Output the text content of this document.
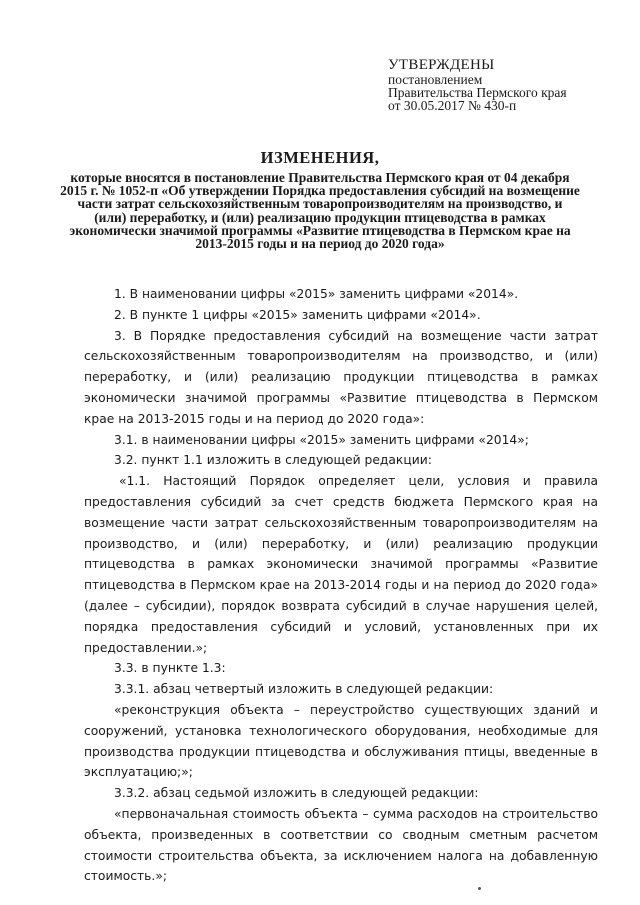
УТВЕРЖДЕНЫ
постановлением
Правительства Пермского края
от 30.05.2017 № 430-п
ИЗМЕНЕНИЯ,
которые вносятся в постановление Правительства Пермского края от 04 декабря 2015 г. № 1052-п «Об утверждении Порядка предоставления субсидий на возмещение части затрат сельскохозяйственным товаропроизводителям на производство, и (или) переработку, и (или) реализацию продукции птицеводства в рамках экономически значимой программы «Развитие птицеводства в Пермском крае на 2013-2015 годы и на период до 2020 года»

1. В наименовании цифры «2015» заменить цифрами «2014».

2. В пункте 1 цифры «2015» заменить цифрами «2014».

3. В Порядке предоставления субсидий на возмещение части затрат сельскохозяйственным товаропроизводителям на производство, и (или) переработку, и (или) реализацию продукции птицеводства в рамках экономически значимой программы «Развитие птицеводства в Пермском крае на 2013-2015 годы и на период до 2020 года»:

3.1. в наименовании цифры «2015» заменить цифрами «2014»;

3.2. пункт 1.1 изложить в следующей редакции:

«1.1. Настоящий Порядок определяет цели, условия и правила предоставления субсидий за счет средств бюджета Пермского края на возмещение части затрат сельскохозяйственным товаропроизводителям на производство, и (или) переработку, и (или) реализацию продукции птицеводства в рамках экономически значимой программы «Развитие птицеводства в Пермском крае на 2013-2014 годы и на период до 2020 года» (далее – субсидии), порядок возврата субсидий в случае нарушения целей, порядка предоставления субсидий и условий, установленных при их предоставлении.»;

3.3. в пункте 1.3:

3.3.1. абзац четвертый изложить в следующей редакции:

«реконструкция объекта – переустройство существующих зданий и сооружений, установка технологического оборудования, необходимые для производства продукции птицеводства и обслуживания птицы, введенные в эксплуатацию;»;

3.3.2. абзац седьмой изложить в следующей редакции:

«первоначальная стоимость объекта – сумма расходов на строительство объекта, произведенных в соответствии со сводным сметным расчетом стоимости строительства объекта, за исключением налога на добавленную стоимость.»;
